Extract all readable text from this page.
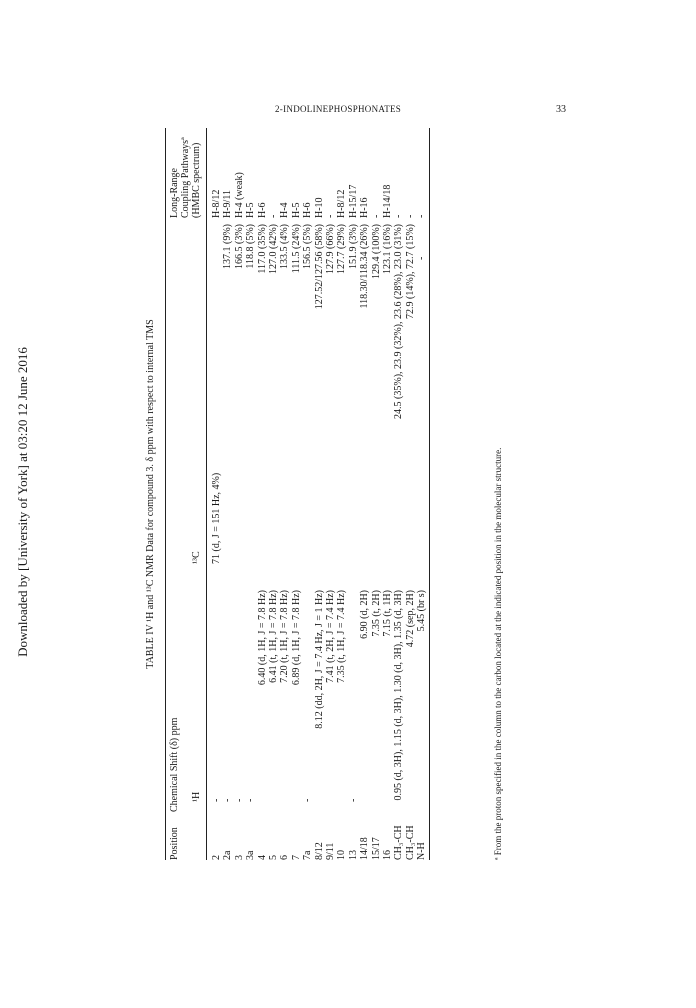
2-INDOLINEPHOSPHONATES	33
Downloaded by [University of York] at 03:20 12 June 2016	TABLE IV ¹H and ¹³C NMR Data for compound 3. δ ppm with respect to internal TMS
Position
Chemical Shift (δ) ppm ¹H
¹³C
Long-Range Coupling Pathwaysª (HMBC spectrum)
2
-
71 (d, J = 151 Hz, 4%)
H-8/12
2a
-
137.1 (9%)
H-9/11
3
-
166.5 (3%)
H-4 (weak)
3a
-
118.8 (5%)
H-5
4
6.40 (d, 1H, J = 7.8 Hz)
117.0 (35%)
H-6
5
6.41 (t, 1H, J = 7.8 Hz)
127.0 (42%)
-
6
7.20 (t, 1H, J = 7.8 Hz)
133.5 (4%)
H-4
7
6.89 (d, 1H, J = 7.8 Hz)
111.5 (24%)
H-5
7a
-
156.5 (5%)
H-6
8/12
8.12 (dd, 2H, J = 7.4 Hz, J = 1 Hz)
127.52/127.56 (58%)
H-10
9/11
7.41 (t, 2H, J = 7.4 Hz)
127.9 (66%)
-
10
7.35 (t, 1H, J = 7.4 Hz)
127.7 (29%)
H-8/12
13
-
151.9 (3%)
H-15/17
14/18
6.90 (d, 2H)
118.30/118.34 (26%)
H-16
15/17
7.35 (t, 2H)
129.4 (100%)
-
16
7.15 (t, 1H)
123.1 (16%)
H-14/18
CH₃-CH
0.95 (d, 3H), 1.15 (d, 3H), 1.30 (d, 3H), 1.35 (d, 3H)
24.5 (35%), 23.9 (32%), 23.6 (28%), 23.0 (31%)
-
CH₃-CH
4.72 (sep, 2H)
72.9 (14%), 72.7 (15%)
-
N-H
5.45 (br s)
-
-
ª From the proton specified in the column to the carbon located at the indicated position in the molecular structure.
